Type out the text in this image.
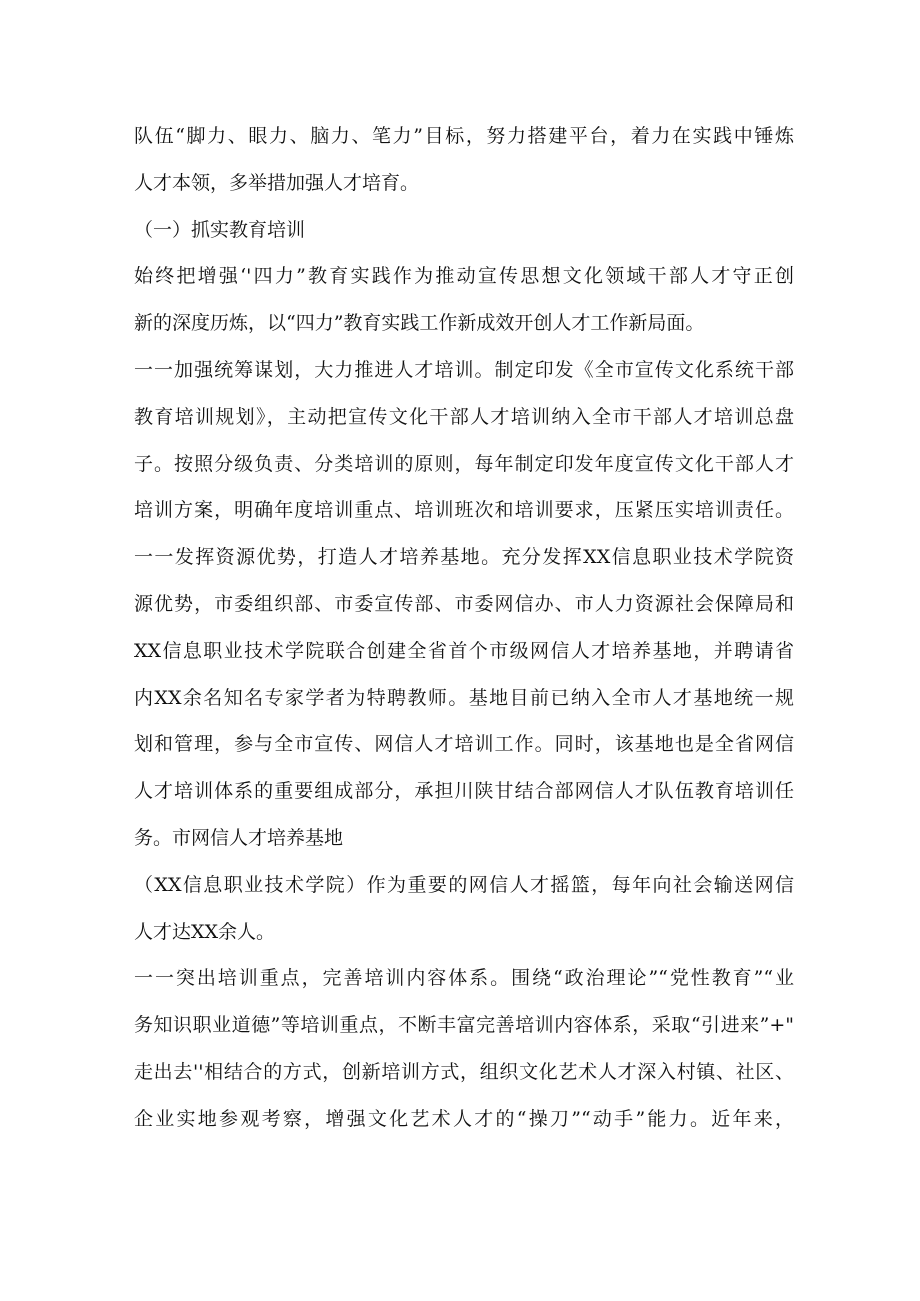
队伍“脚力、眼力、脑力、笔力”目标，努力搭建平台，着力在实践中锤炼
人才本领，多举措加强人才培育。
（一）抓实教育培训
始终把增强‘'四力”教育实践作为推动宣传思想文化领域干部人才守正创
新的深度历炼，以“四力”教育实践工作新成效开创人才工作新局面。
一一加强统筹谋划，大力推进人才培训。制定印发《全市宣传文化系统干部
教育培训规划》，主动把宣传文化干部人才培训纳入全市干部人才培训总盘
子。按照分级负责、分类培训的原则，每年制定印发年度宣传文化干部人才
培训方案，明确年度培训重点、培训班次和培训要求，压紧压实培训责任。
一一发挥资源优势，打造人才培养基地。充分发挥XX信息职业技术学院资
源优势，市委组织部、市委宣传部、市委网信办、市人力资源社会保障局和
XX信息职业技术学院联合创建全省首个市级网信人才培养基地，并聘请省
内XX余名知名专家学者为特聘教师。基地目前已纳入全市人才基地统一规
划和管理，参与全市宣传、网信人才培训工作。同时，该基地也是全省网信
人才培训体系的重要组成部分，承担川陕甘结合部网信人才队伍教育培训任
务。市网信人才培养基地
（XX信息职业技术学院）作为重要的网信人才摇篮，每年向社会输送网信
人才达XX余人。
一一突出培训重点，完善培训内容体系。围绕“政治理论”“党性教育”“业
务知识职业道德”等培训重点，不断丰富完善培训内容体系，采取“引进来”+"
走出去''相结合的方式，创新培训方式，组织文化艺术人才深入村镇、社区、
企业实地参观考察，增强文化艺术人才的“操刀”“动手”能力。近年来，
